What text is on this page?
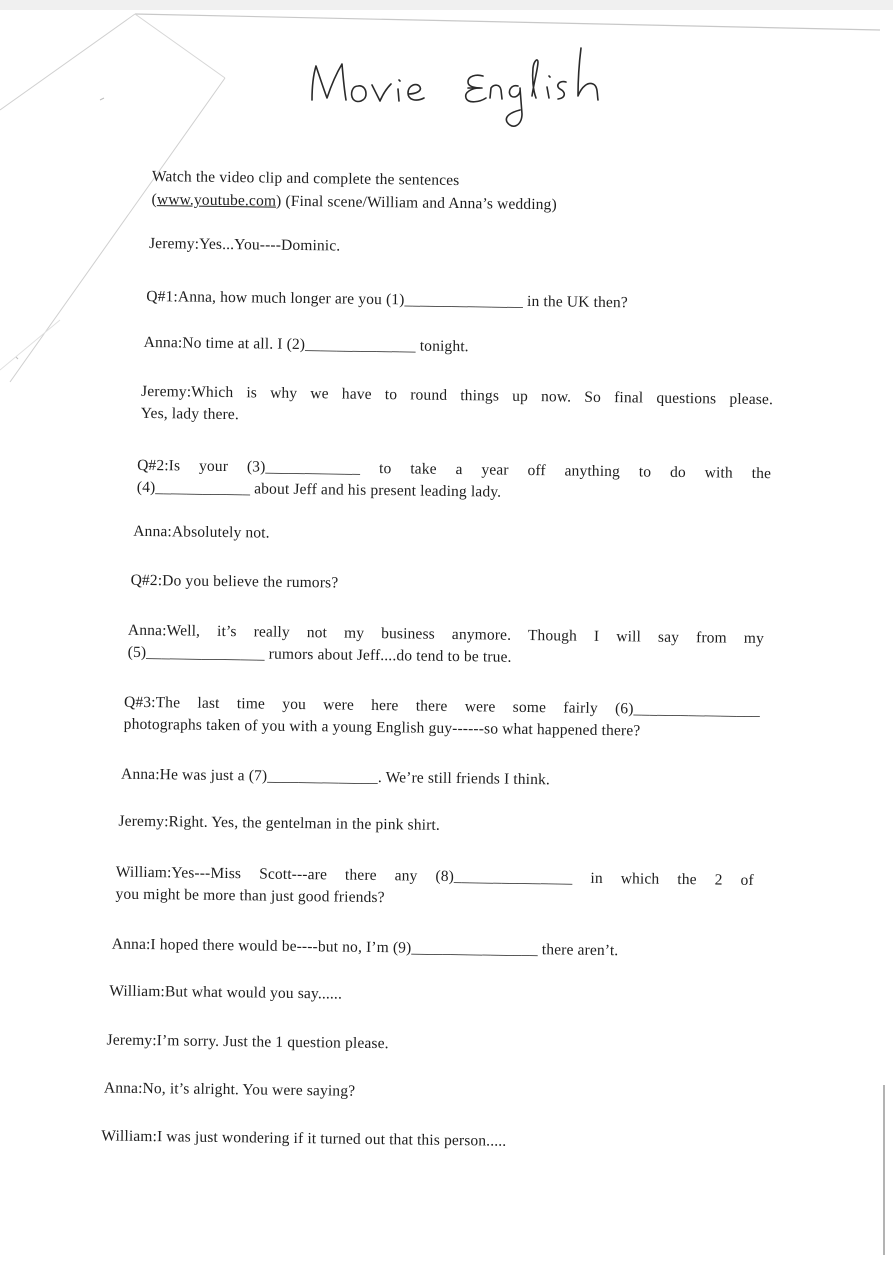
Watch the video clip and complete the sentences
(www.youtube.com) (Final scene/William and Anna’s wedding)
Jeremy:Yes...You----Dominic.
Q#1:Anna, how much longer are you (1)_______________ in the UK then?
Anna:No time at all. I (2)______________ tonight.
Jeremy:Which is why we have to round things up now. So final questions please.
Yes, lady there.
Q#2:Is your (3)____________ to take a year off anything to do with the
(4)____________ about Jeff and his present leading lady.
Anna:Absolutely not.
Q#2:Do you believe the rumors?
Anna:Well, it’s really not my business anymore. Though I will say from my
(5)_______________ rumors about Jeff....do tend to be true.
Q#3:The last time you were here there were some fairly (6)________________
photographs taken of you with a young English guy------so what happened there?
Anna:He was just a (7)______________. We’re still friends I think.
Jeremy:Right. Yes, the gentelman in the pink shirt.
William:Yes---Miss Scott---are there any (8)_______________ in which the 2 of
you might be more than just good friends?
Anna:I hoped there would be----but no, I’m (9)________________ there aren’t.
William:But what would you say......
Jeremy:I’m sorry. Just the 1 question please.
Anna:No, it’s alright. You were saying?
William:I was just wondering if it turned out that this person.....
